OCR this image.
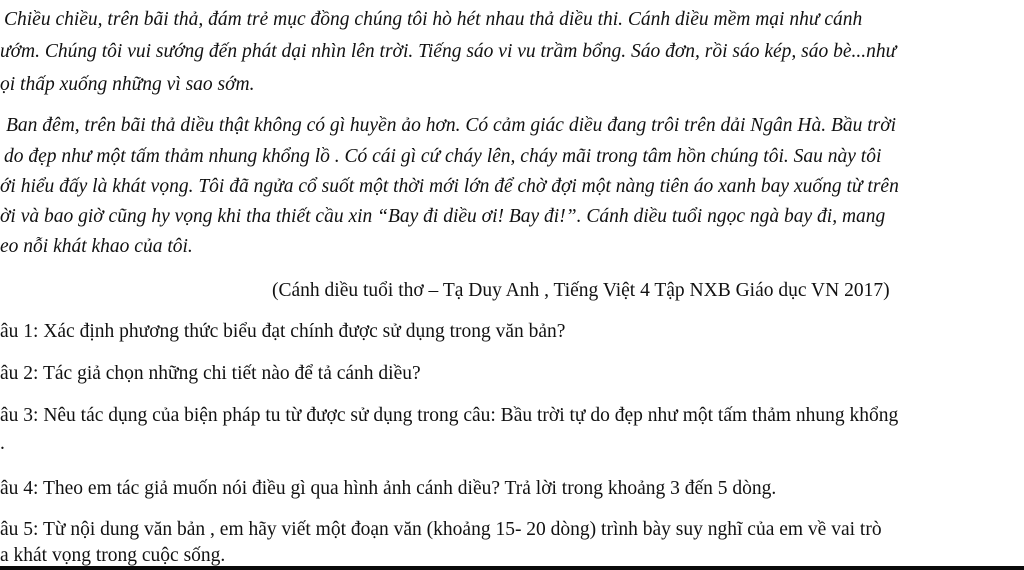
Chiều chiều, trên bãi thả, đám trẻ mục đồng chúng tôi hò hét nhau thả diều thi. Cánh diều mềm mại như cánh
ướm. Chúng tôi vui sướng đến phát dại nhìn lên trời. Tiếng sáo vi vu trầm bổng. Sáo đơn, rồi sáo kép, sáo bè...như
ọi thấp xuống những vì sao sớm.
Ban đêm, trên bãi thả diều thật không có gì huyền ảo hơn. Có cảm giác diều đang trôi trên dải Ngân Hà. Bầu trời
do đẹp như một tấm thảm nhung khổng lồ . Có cái gì cứ cháy lên, cháy mãi trong tâm hồn chúng tôi. Sau này tôi
ới hiểu đấy là khát vọng. Tôi đã ngửa cổ suốt một thời mới lớn để chờ đợi một nàng tiên áo xanh bay xuống từ trên
ời và bao giờ cũng hy vọng khi tha thiết cầu xin “Bay đi diều ơi! Bay đi!”. Cánh diều tuổi ngọc ngà bay đi, mang
eo nỗi khát khao của tôi.
(Cánh diều tuổi thơ – Tạ Duy Anh , Tiếng Việt 4 Tập NXB Giáo dục VN 2017)
âu 1: Xác định phương thức biểu đạt chính được sử dụng trong văn bản?
âu 2: Tác giả chọn những chi tiết nào để tả cánh diều?
âu 3: Nêu tác dụng của biện pháp tu từ được sử dụng trong câu: Bầu trời tự do đẹp như một tấm thảm nhung khổng
.
âu 4: Theo em tác giả muốn nói điều gì qua hình ảnh cánh diều? Trả lời trong khoảng 3 đến 5 dòng.
âu 5: Từ nội dung văn bản , em hãy viết một đoạn văn (khoảng 15- 20 dòng) trình bày suy nghĩ của em về vai trò
a khát vọng trong cuộc sống.
